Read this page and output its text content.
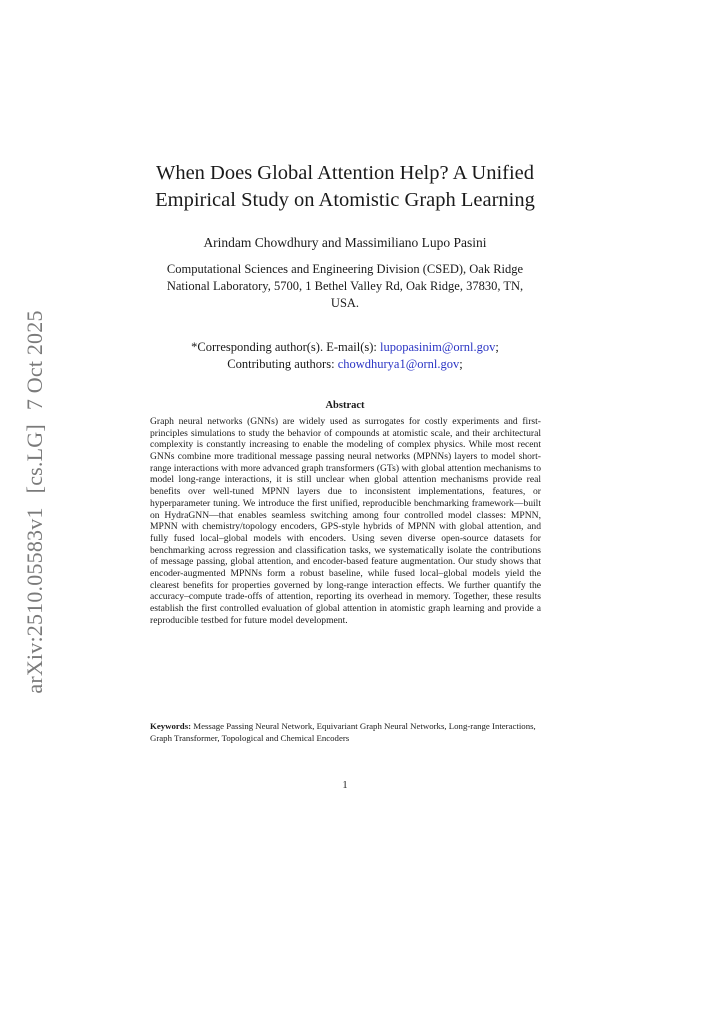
arXiv:2510.05583v1[cs.LG]7 Oct 2025
When Does Global Attention Help? A Unified
Empirical Study on Atomistic Graph Learning
Arindam Chowdhury and Massimiliano Lupo Pasini
Computational Sciences and Engineering Division (CSED), Oak Ridge
National Laboratory, 5700, 1 Bethel Valley Rd, Oak Ridge, 37830, TN,
USA.
*Corresponding author(s). E-mail(s): lupopasinim@ornl.gov;
Contributing authors: chowdhurya1@ornl.gov;
Abstract

Graph neural networks (GNNs) are widely used as surrogates for costly experiments and first-principles simulations to study the behavior of compounds at atomistic scale, and their architectural complexity is constantly increasing to enable the modeling of complex physics. While most recent GNNs combine more traditional message passing neural networks (MPNNs) layers to model short-range interactions with more advanced graph transformers (GTs) with global attention mechanisms to model long-range interactions, it is still unclear when global attention mechanisms provide real benefits over well-tuned MPNN layers due to inconsistent implementations, features, or hyperparameter tuning. We introduce the first unified, reproducible benchmarking framework—built on HydraGNN—that enables seamless switching among four controlled model classes: MPNN, MPNN with chemistry/topology encoders, GPS-style hybrids of MPNN with global attention, and fully fused local–global models with encoders. Using seven diverse open-source datasets for benchmarking across regression and classification tasks, we systematically isolate the contributions of message passing, global attention, and encoder-based feature augmentation. Our study shows that encoder-augmented MPNNs form a robust baseline, while fused local–global models yield the clearest benefits for properties governed by long-range interaction effects. We further quantify the accuracy–compute trade-offs of attention, reporting its overhead in memory. Together, these results establish the first controlled evaluation of global attention in atomistic graph learning and provide a reproducible testbed for future model development.

Keywords: Message Passing Neural Network, Equivariant Graph Neural Networks, Long-range Interactions, Graph Transformer, Topological and Chemical Encoders
1
